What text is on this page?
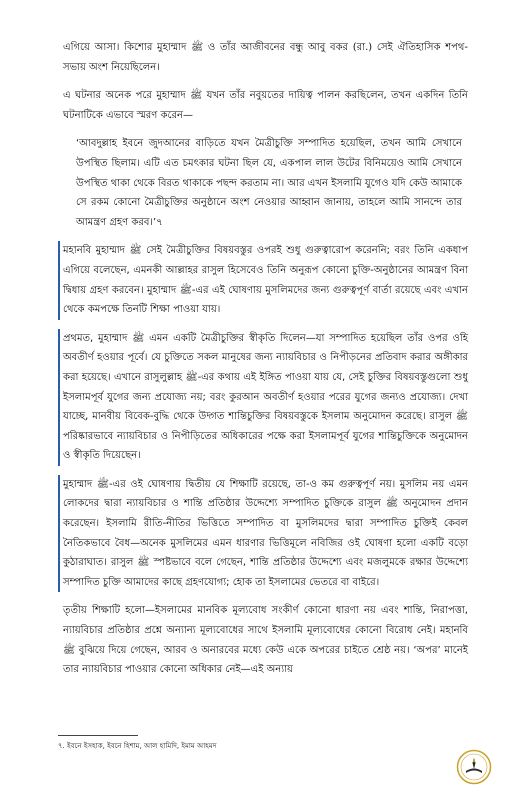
এগিয়ে আসা। কিশোর মুহাম্মাদ ﷺ ও তাঁর আজীবনের বন্ধু আবু বকর (রা.) সেই ঐতিহাসিক শপথ-সভায় অংশ নিয়েছিলেন।

এ ঘটনার অনেক পরে মুহাম্মাদ ﷺ যখন তাঁর নবুয়তের দায়িত্ব পালন করছিলেন, তখন একদিন তিনি ঘটনাটিকে এভাবে স্মরণ করেন—

‘আবদুল্লাহ ইবনে জুদআনের বাড়িতে যখন মৈত্রীচুক্তি সম্পাদিত হয়েছিল, তখন আমি সেখানে উপস্থিত ছিলাম। এটি এত চমৎকার ঘটনা ছিল যে, একপাল লাল উটের বিনিময়েও আমি সেখানে উপস্থিত থাকা থেকে বিরত থাকাকে পছন্দ করতাম না। আর এখন ইসলামি যুগেও যদি কেউ আমাকে সে রকম কোনো মৈত্রীচুক্তির অনুষ্ঠানে অংশ নেওয়ার আহ্বান জানায়, তাহলে আমি সানন্দে তার আমন্ত্রণ গ্রহণ করব।’৭

মহানবি মুহাম্মাদ ﷺ সেই মৈত্রীচুক্তির বিষয়বস্তুর ওপরই শুধু গুরুত্বারোপ করেননি; বরং তিনি একধাপ এগিয়ে বলেছেন, এমনকী আল্লাহর রাসুল হিসেবেও তিনি অনুরূপ কোনো চুক্তি-অনুষ্ঠানের আমন্ত্রণ বিনা দ্বিধায় গ্রহণ করবেন। মুহাম্মাদ ﷺ-এর এই ঘোষণায় মুসলিমদের জন্য গুরুত্বপূর্ণ বার্তা রয়েছে এবং এখান থেকে কমপক্ষে তিনটি শিক্ষা পাওয়া যায়।

প্রথমত, মুহাম্মাদ ﷺ এমন একটি মৈত্রীচুক্তির স্বীকৃতি দিলেন—যা সম্পাদিত হয়েছিল তাঁর ওপর ওহি অবতীর্ণ হওয়ার পূর্বে। যে চুক্তিতে সকল মানুষের জন্য ন্যায়বিচার ও নিপীড়নের প্রতিবাদ করার অঙ্গীকার করা হয়েছে। এখানে রাসুলুল্লাহ ﷺ-এর কথায় এই ইঙ্গিত পাওয়া যায় যে, সেই চুক্তির বিষয়বস্তুগুলো শুধু ইসলামপূর্ব যুগের জন্য প্রযোজ্য নয়; বরং কুরআন অবতীর্ণ হওয়ার পরের যুগের জন্যও প্রযোজ্য। দেখা যাচ্ছে, মানবীয় বিবেক-বুদ্ধি থেকে উদ্গত শান্তিচুক্তির বিষয়বস্তুকে ইসলাম অনুমোদন করেছে। রাসুল ﷺ পরিষ্কারভাবে ন্যায়বিচার ও নিপীড়িতের অধিকারের পক্ষে করা ইসলামপূর্ব যুগের শান্তিচুক্তিকে অনুমোদন ও স্বীকৃতি দিয়েছেন।

মুহাম্মাদ ﷺ-এর ওই ঘোষণায় দ্বিতীয় যে শিক্ষাটি রয়েছে, তা-ও কম গুরুত্বপূর্ণ নয়। মুসলিম নয় এমন লোকদের দ্বারা ন্যায়বিচার ও শান্তি প্রতিষ্ঠার উদ্দেশ্যে সম্পাদিত চুক্তিকে রাসুল ﷺ অনুমোদন প্রদান করেছেন। ইসলামি রীতি-নীতির ভিত্তিতে সম্পাদিত বা মুসলিমদের দ্বারা সম্পাদিত চুক্তিই কেবল নৈতিকভাবে বৈধ—অনেক মুসলিমের এমন ধারণার ভিত্তিমূলে নবিজির ওই ঘোষণা হলো একটি বড়ো কুঠারাঘাত। রাসুল ﷺ স্পষ্টভাবে বলে গেছেন, শান্তি প্রতিষ্ঠার উদ্দেশ্যে এবং মজলুমকে রক্ষার উদ্দেশ্যে সম্পাদিত চুক্তি আমাদের কাছে গ্রহণযোগ্য; হোক তা ইসলামের ভেতরে বা বাইরে।

তৃতীয় শিক্ষাটি হলো—ইসলামের মানবিক মূল্যবোধ সংকীর্ণ কোনো ধারণা নয় এবং শান্তি, নিরাপত্তা, ন্যায়বিচার প্রতিষ্ঠার প্রশ্নে অন্যান্য মূল্যবোধের সাথে ইসলামি মূল্যবোধের কোনো বিরোধ নেই। মহানবি ﷺ বুঝিয়ে দিয়ে গেছেন, আরব ও অনারবের মধ্যে কেউ একে অপরের চাইতে শ্রেষ্ঠ নয়। ‘অপর’ মানেই তার ন্যায়বিচার পাওয়ার কোনো অধিকার নেই—এই অন্যায়

৭. ইবনে ইসহাক, ইবনে হিশাম, আল হামিদি, ইমাম আহমদ
